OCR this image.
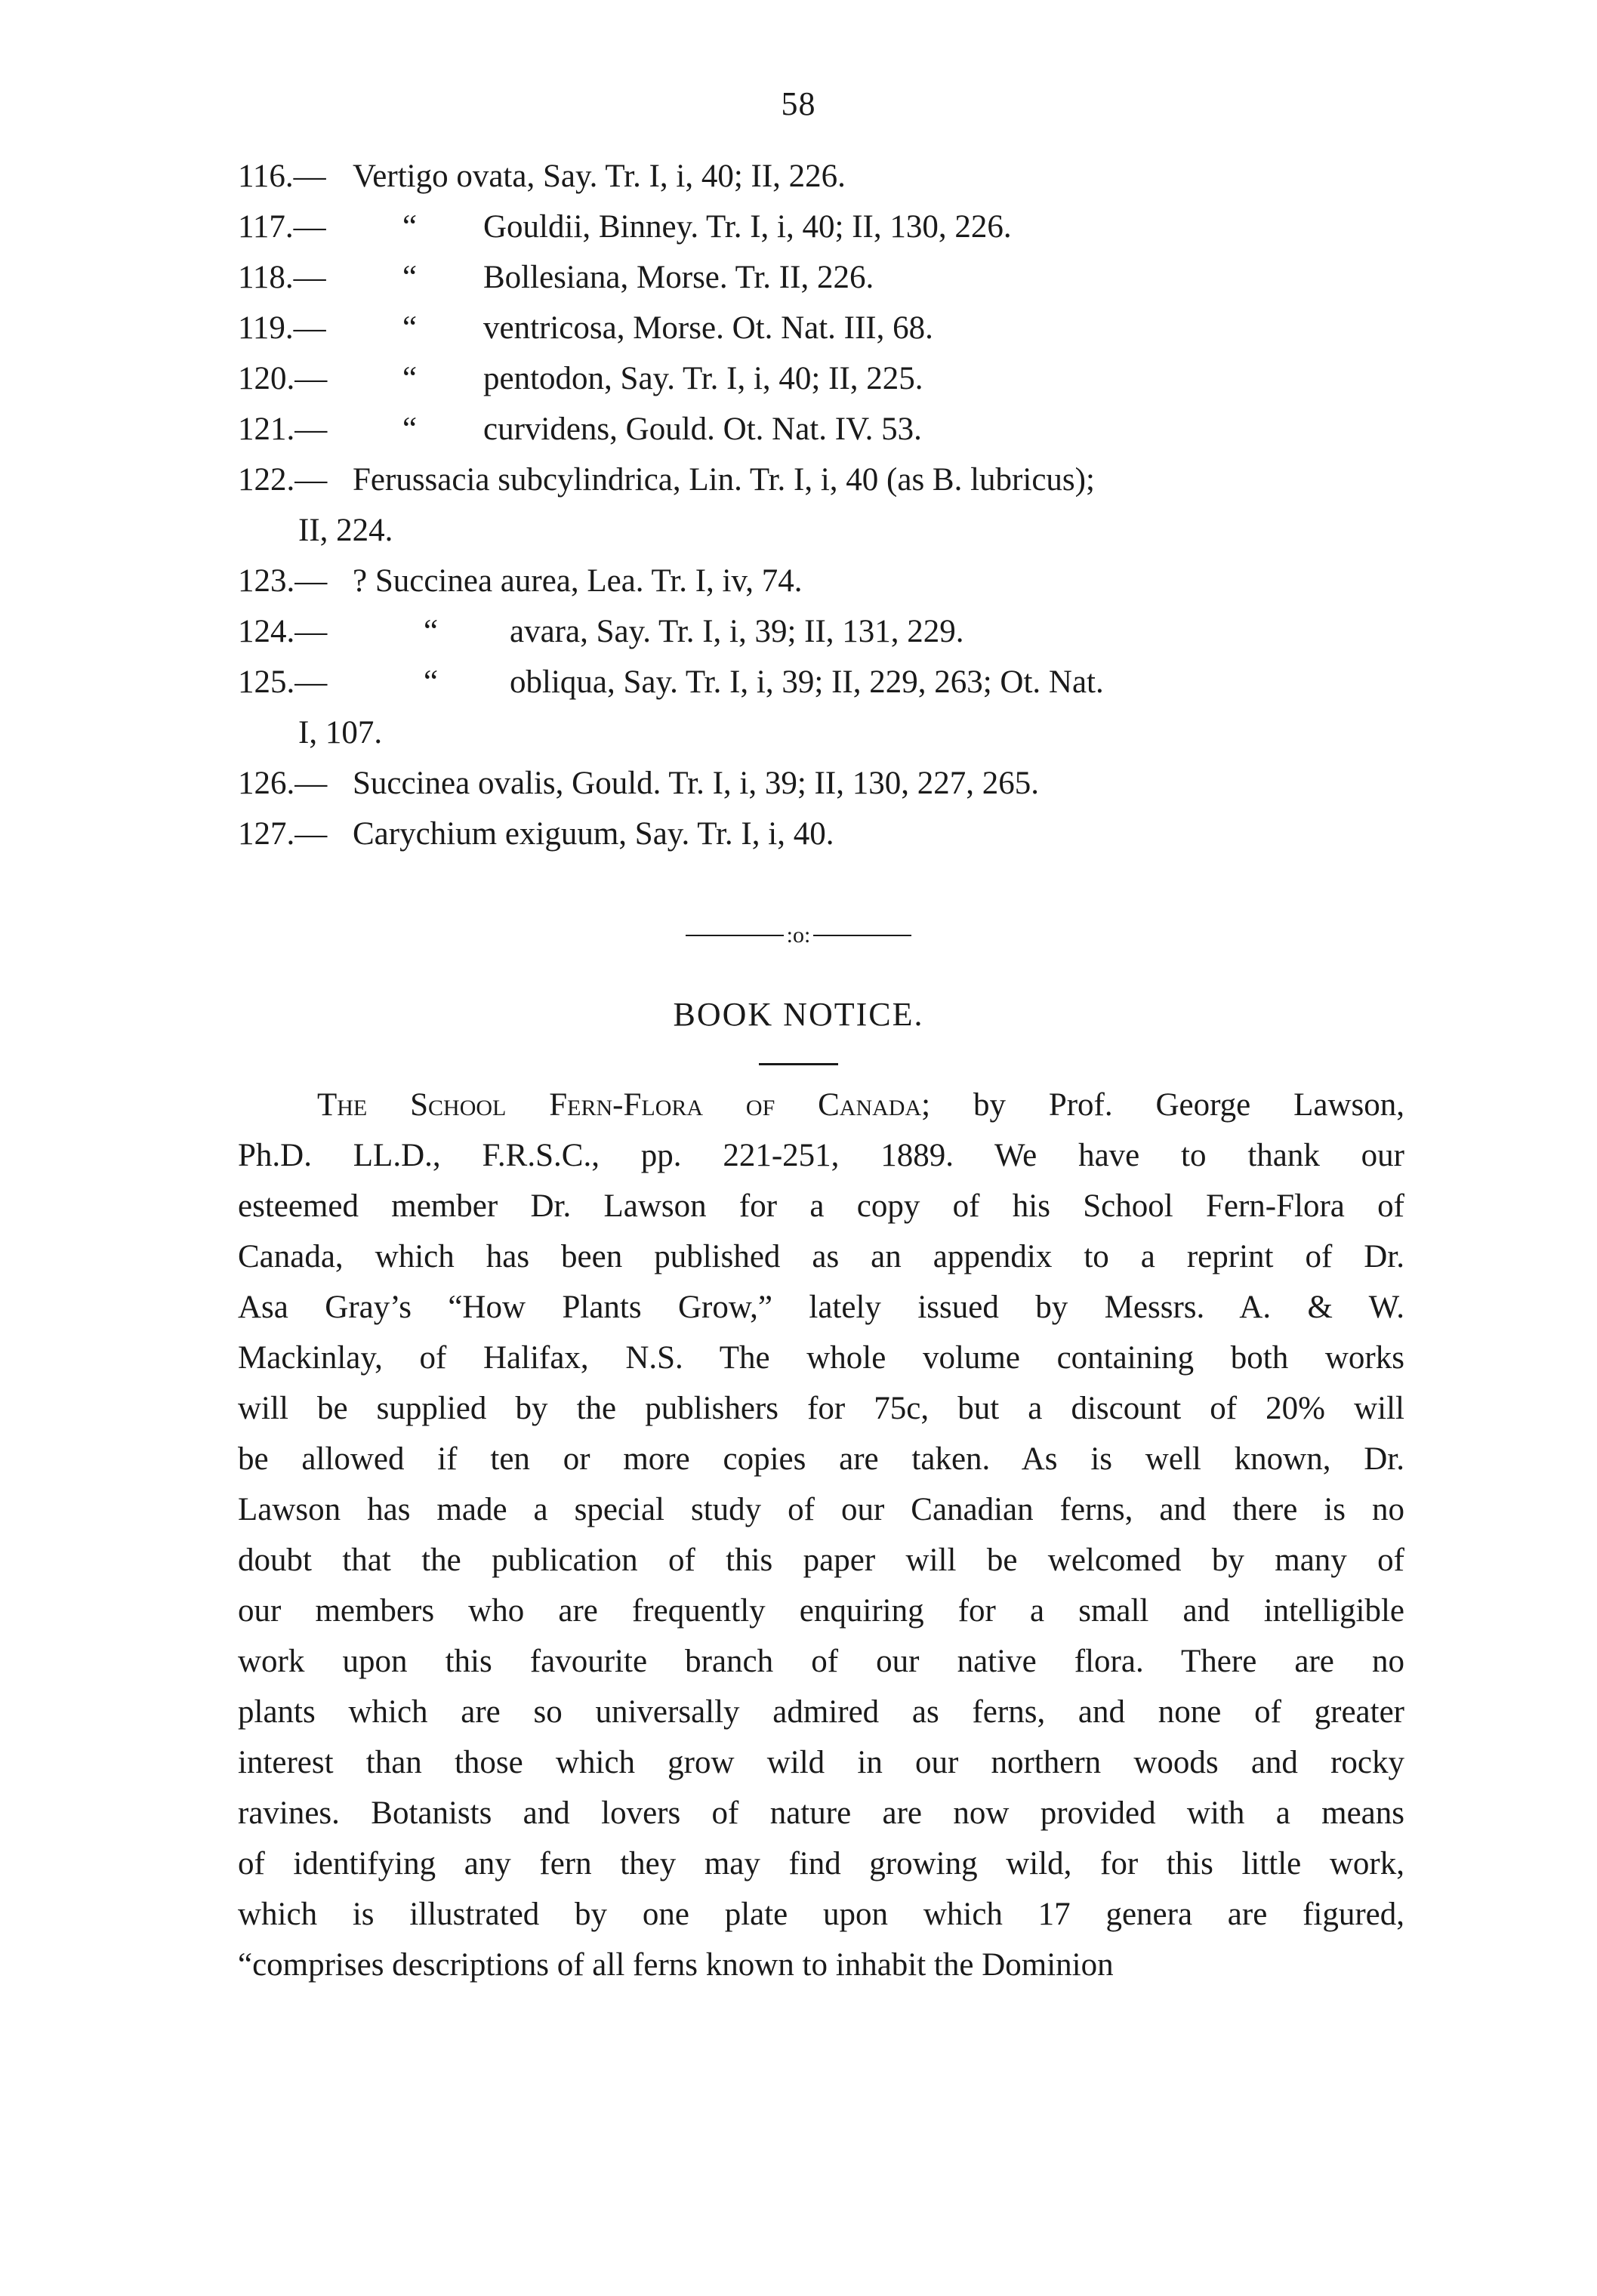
58
116.— Vertigo ovata, Say. Tr. I, i, 40; II, 226.
117.— “ Gouldii, Binney. Tr. I, i, 40; II, 130, 226.
118.— “ Bollesiana, Morse. Tr. II, 226.
119.— “ ventricosa, Morse. Ot. Nat. III, 68.
120.— “ pentodon, Say. Tr. I, i, 40; II, 225.
121.— “ curvidens, Gould. Ot. Nat. IV. 53.
122.— Ferussacia subcylindrica, Lin. Tr. I, i, 40 (as B. lubricus);
II, 224.
123.— ? Succinea aurea, Lea. Tr. I, iv, 74.
124.—	“ avara, Say. Tr. I, i, 39; II, 131, 229.
125.—	“ obliqua, Say. Tr. I, i, 39; II, 229, 263; Ot. Nat.
I, 107.
126.— Succinea ovalis, Gould. Tr. I, i, 39; II, 130, 227, 265.
127.— Carychium exiguum, Say. Tr. I, i, 40.
:o:
BOOK NOTICE.
The School Fern-Flora of Canada; by Prof. George Lawson,
Ph.D. LL.D., F.R.S.C., pp. 221-251, 1889. We have to thank our
esteemed member Dr. Lawson for a copy of his School Fern-Flora of
Canada, which has been published as an appendix to a reprint of Dr.
Asa Gray’s “How Plants Grow,” lately issued by Messrs. A. & W.
Mackinlay, of Halifax, N.S. The whole volume containing both works
will be supplied by the publishers for 75c, but a discount of 20% will
be allowed if ten or more copies are taken. As is well known, Dr.
Lawson has made a special study of our Canadian ferns, and there is no
doubt that the publication of this paper will be welcomed by many of
our members who are frequently enquiring for a small and intelligible
work upon this favourite branch of our native flora. There are no
plants which are so universally admired as ferns, and none of greater
interest than those which grow wild in our northern woods and rocky
ravines. Botanists and lovers of nature are now provided with a means
of identifying any fern they may find growing wild, for this little work,
which is illustrated by one plate upon which 17 genera are figured,
“comprises descriptions of all ferns known to inhabit the Dominion
